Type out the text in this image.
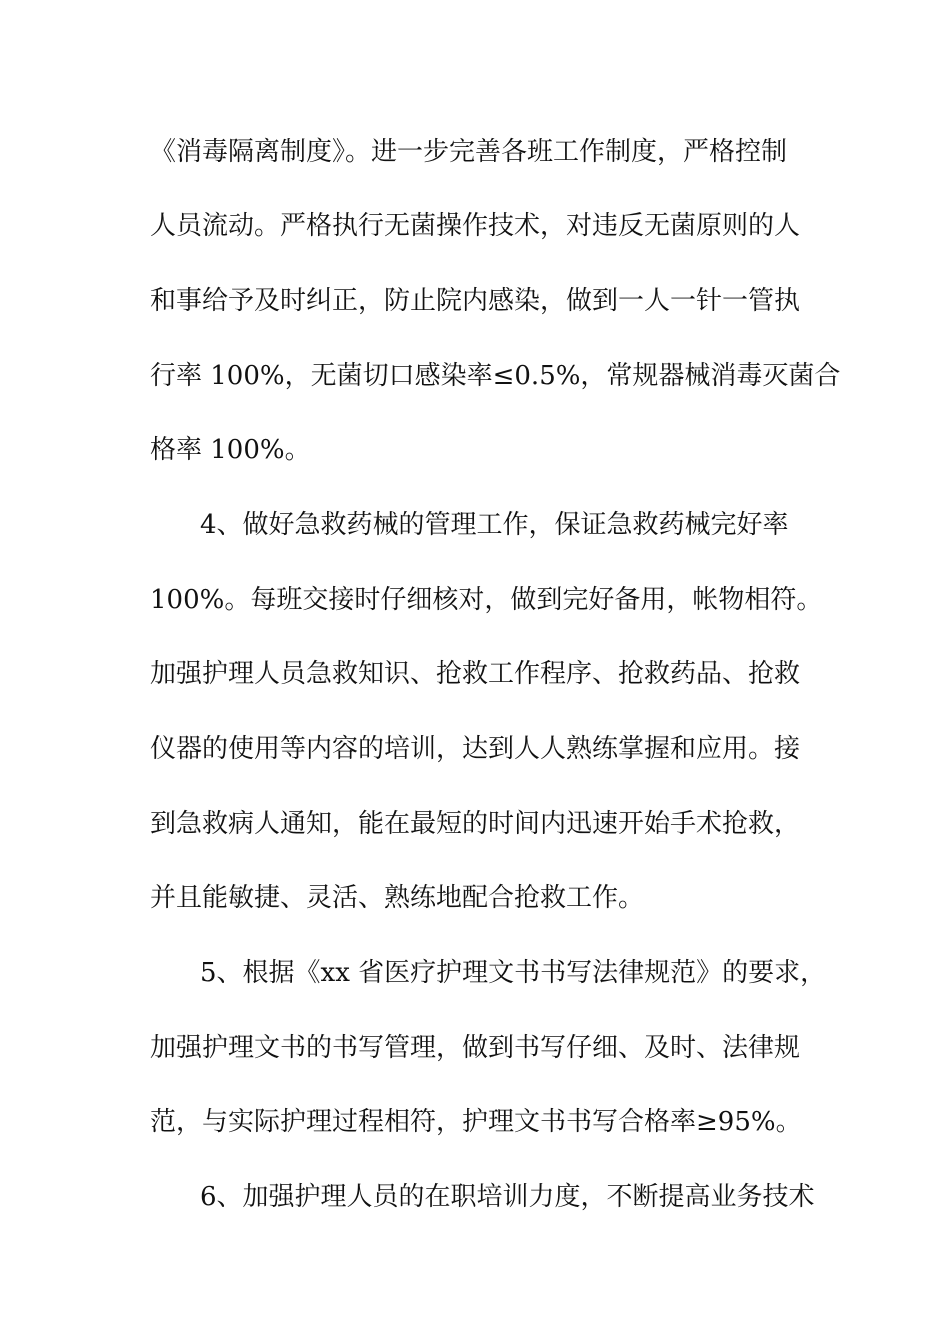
《消毒隔离制度》。进一步完善各班工作制度，严格控制

人员流动。严格执行无菌操作技术，对违反无菌原则的人

和事给予及时纠正，防止院内感染，做到一人一针一管执

行率 100%，无菌切口感染率≤0.5%，常规器械消毒灭菌合

格率 100%。

4、做好急救药械的管理工作，保证急救药械完好率

100%。每班交接时仔细核对，做到完好备用，帐物相符。

加强护理人员急救知识、抢救工作程序、抢救药品、抢救

仪器的使用等内容的培训，达到人人熟练掌握和应用。接

到急救病人通知，能在最短的时间内迅速开始手术抢救，

并且能敏捷、灵活、熟练地配合抢救工作。

5、根据《xx 省医疗护理文书书写法律规范》的要求，

加强护理文书的书写管理，做到书写仔细、及时、法律规

范，与实际护理过程相符，护理文书书写合格率≥95%。

6、加强护理人员的在职培训力度，不断提高业务技术
